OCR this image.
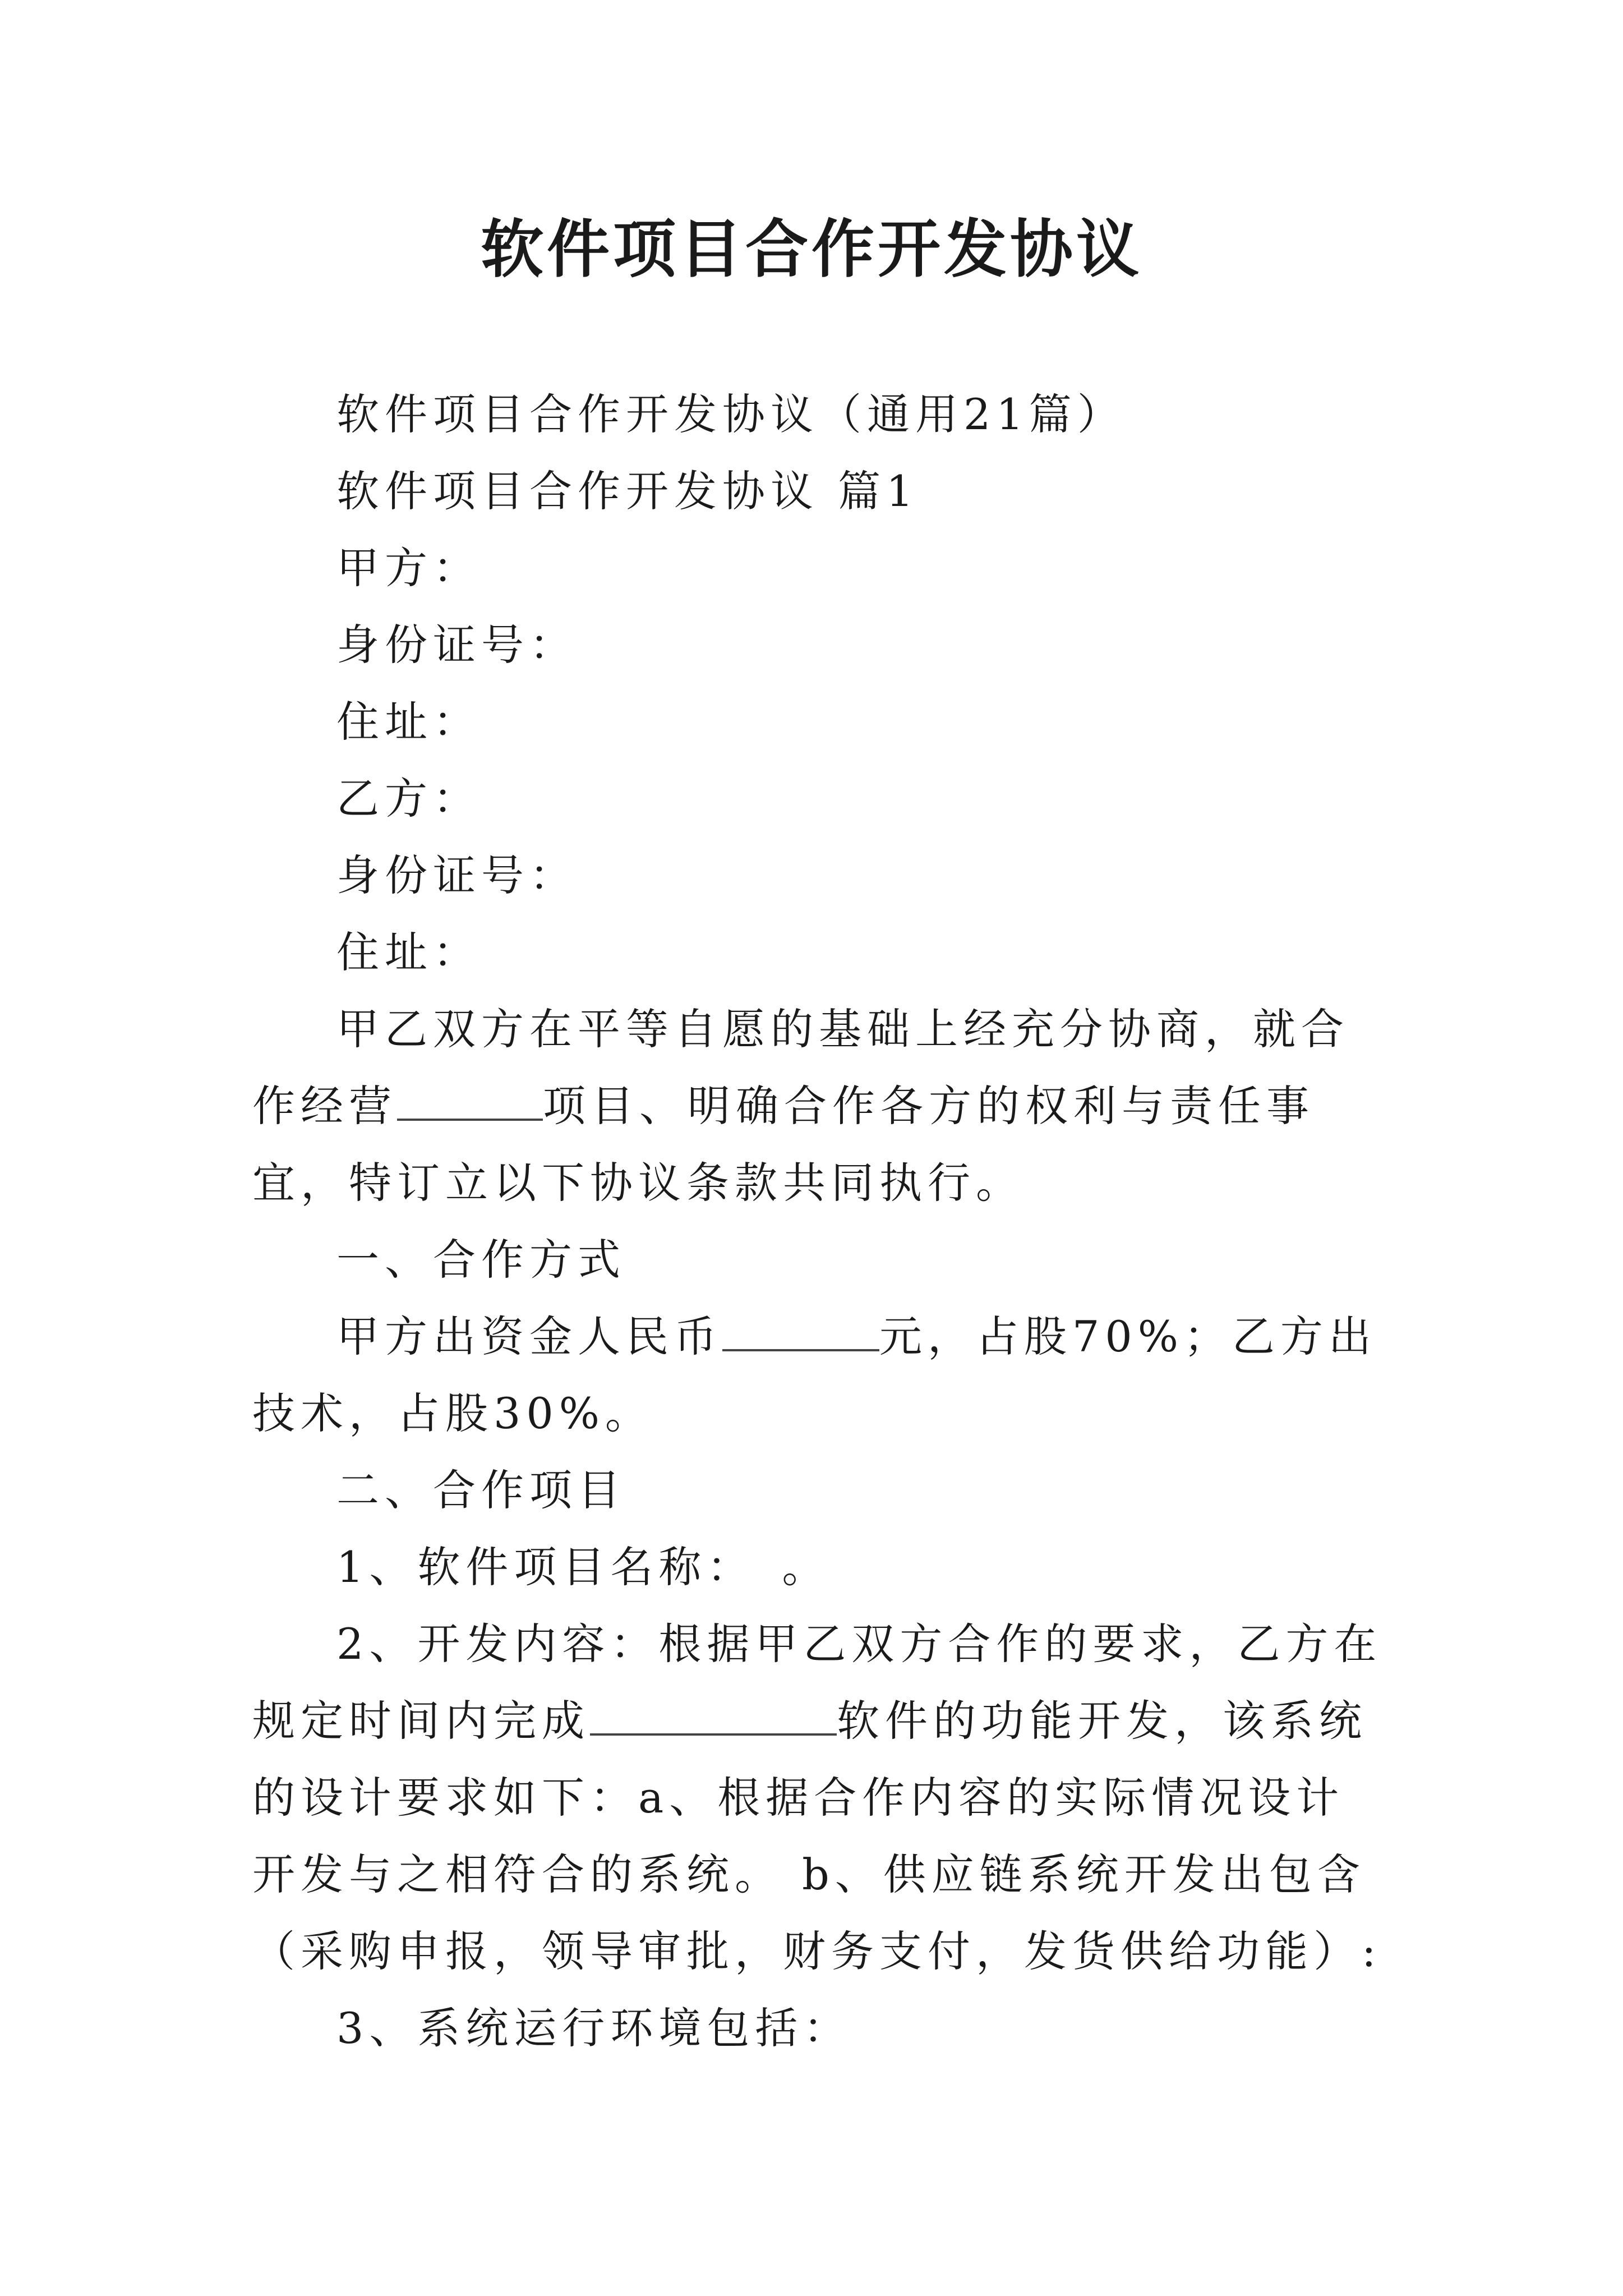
软件项目合作开发协议

软件项目合作开发协议（通用21篇）

软件项目合作开发协议 篇1

甲方：

身份证号：

住址：

乙方：

身份证号：

住址：

甲乙双方在平等自愿的基础上经充分协商，就合作经营	项目、明确合作各方的权利与责任事宜，特订立以下协议条款共同执行。

一、合作方式

甲方出资金人民币	元，占股70%；乙方出技术，占股30%。

二、合作项目

1、软件项目名称：　。

2、开发内容：根据甲乙双方合作的要求，乙方在规定时间内完成	软件的功能开发，该系统的设计要求如下：a、根据合作内容的实际情况设计开发与之相符合的系统。 b、供应链系统开发出包含（采购申报，领导审批，财务支付，发货供给功能）:

3、系统运行环境包括：
